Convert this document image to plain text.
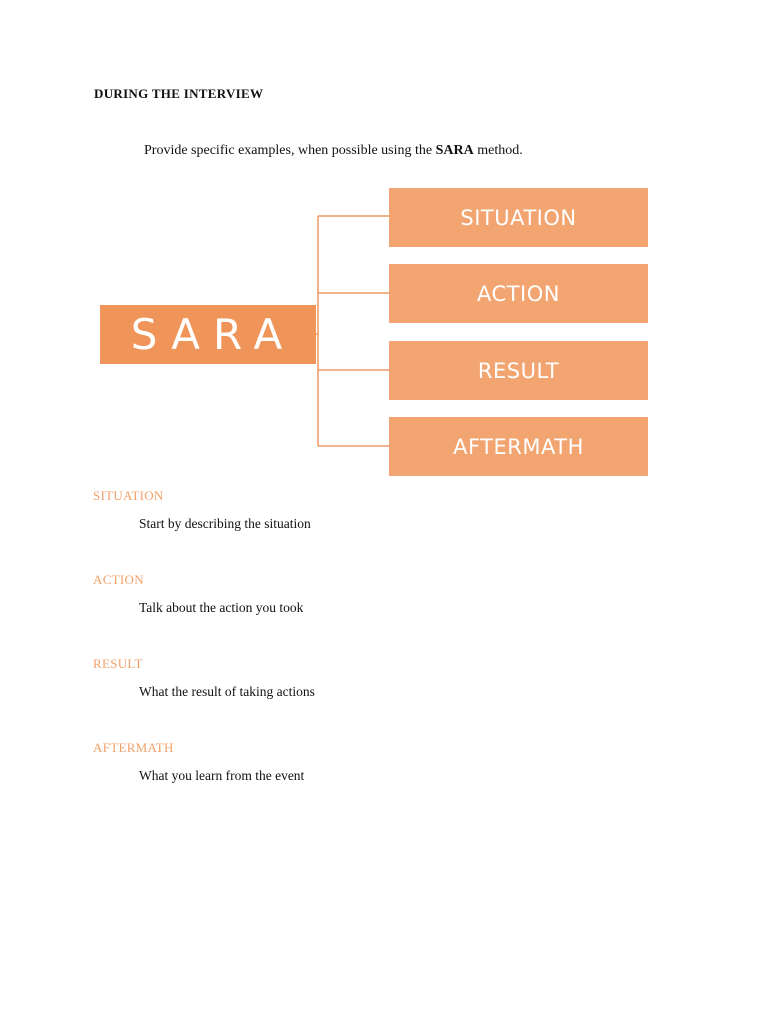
DURING THE INTERVIEW
Provide specific examples, when possible using the SARA method.
SARA
SITUATION
ACTION
RESULT
AFTERMATH
SITUATION
Start by describing the situation
ACTION
Talk about the action you took
RESULT
What the result of taking actions
AFTERMATH
What you learn from the event
